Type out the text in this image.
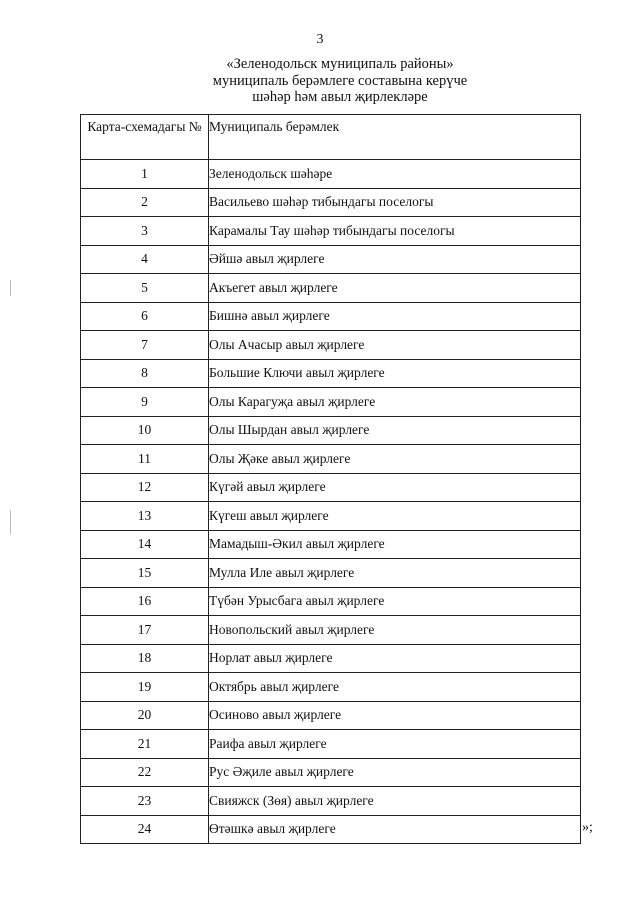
3
«Зеленодольск муниципаль районы»
муниципаль берәмлеге составына керүче
шәһәр һәм авыл җирлекләре
Карта-схемадагы №	Муниципаль берәмлек
1	Зеленодольск шәһәре
2	Васильево шәһәр тибындагы поселогы
3	Карамалы Тау шәһәр тибындагы поселогы
4	Әйшә авыл җирлеге
5	Акъегет авыл җирлеге
6	Бишнә авыл җирлеге
7	Олы Ачасыр авыл җирлеге
8	Большие Ключи авыл җирлеге
9	Олы Карагуҗа авыл җирлеге
10	Олы Шырдан авыл җирлеге
11	Олы Җәке авыл җирлеге
12	Күгәй авыл җирлеге
13	Күгеш авыл җирлеге
14	Мамадыш-Әкил авыл җирлеге
15	Мулла Иле авыл җирлеге
16	Түбән Урысбага авыл җирлеге
17	Новопольский авыл җирлеге
18	Норлат авыл җирлеге
19	Октябрь авыл җирлеге
20	Осиново авыл җирлеге
21	Раифа авыл җирлеге
22	Рус Әҗиле авыл җирлеге
23	Свияжск (Зөя) авыл җирлеге
24	Өтәшкә авыл җирлеге	»;
